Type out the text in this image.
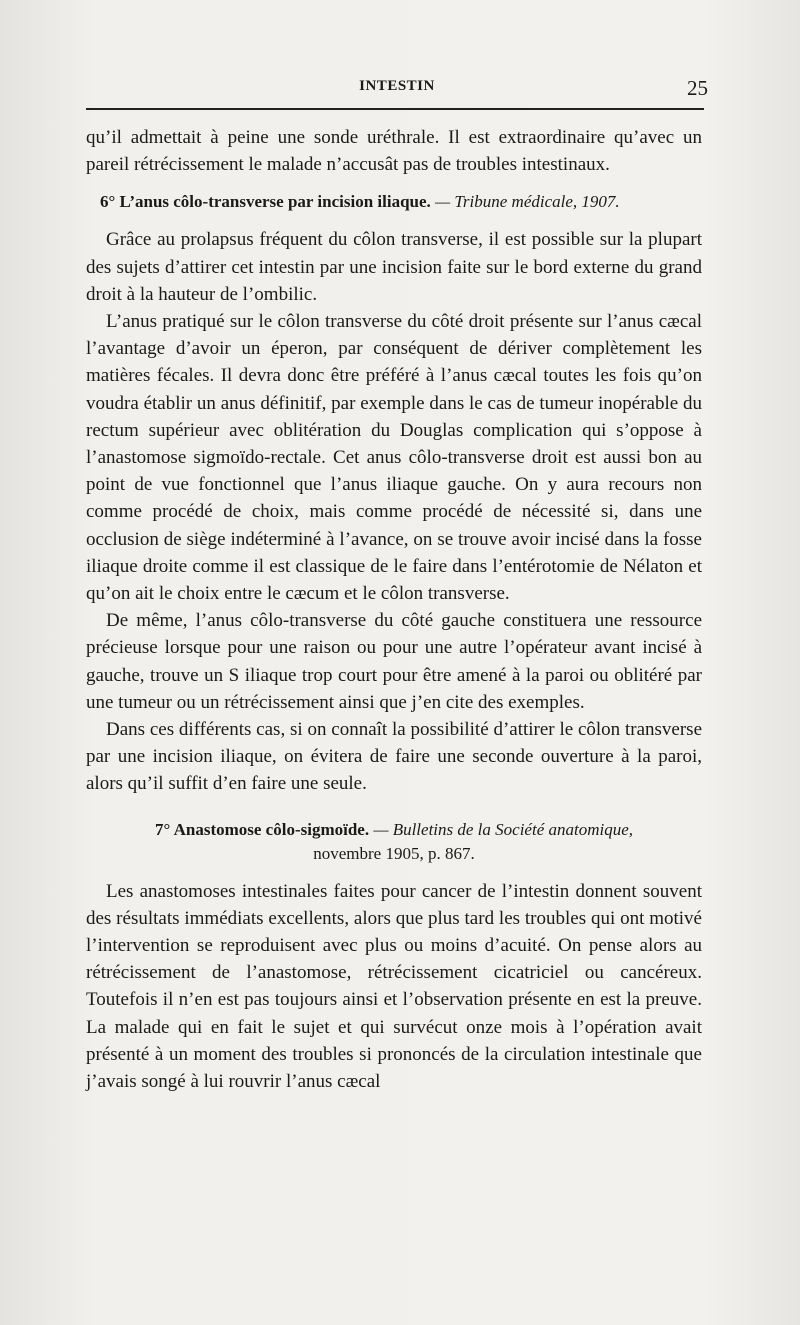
INTESTIN	25

qu’il admettait à peine une sonde uréthrale. Il est extraordinaire qu’avec un pareil rétrécissement le malade n’accusât pas de troubles intestinaux.

6° L’anus côlo-transverse par incision iliaque. — Tribune médicale, 1907.

Grâce au prolapsus fréquent du côlon transverse, il est possible sur la plupart des sujets d’attirer cet intestin par une incision faite sur le bord externe du grand droit à la hauteur de l’ombilic.

L’anus pratiqué sur le côlon transverse du côté droit présente sur l’anus cæcal l’avantage d’avoir un éperon, par conséquent de dériver complètement les matières fécales. Il devra donc être préféré à l’anus cæcal toutes les fois qu’on voudra établir un anus définitif, par exemple dans le cas de tumeur inopérable du rectum supérieur avec oblitération du Douglas complication qui s’oppose à l’anastomose sigmoïdo-rectale. Cet anus côlo-transverse droit est aussi bon au point de vue fonctionnel que l’anus iliaque gauche. On y aura recours non comme procédé de choix, mais comme procédé de nécessité si, dans une occlusion de siège indéterminé à l’avance, on se trouve avoir incisé dans la fosse iliaque droite comme il est classique de le faire dans l’entérotomie de Nélaton et qu’on ait le choix entre le cæcum et le côlon transverse.

De même, l’anus côlo-transverse du côté gauche constituera une ressource précieuse lorsque pour une raison ou pour une autre l’opérateur avant incisé à gauche, trouve un S iliaque trop court pour être amené à la paroi ou oblitéré par une tumeur ou un rétrécissement ainsi que j’en cite des exemples.

Dans ces différents cas, si on connaît la possibilité d’attirer le côlon transverse par une incision iliaque, on évitera de faire une seconde ouverture à la paroi, alors qu’il suffit d’en faire une seule.

7° Anastomose côlo-sigmoïde. — Bulletins de la Société anatomique,
novembre 1905, p. 867.

Les anastomoses intestinales faites pour cancer de l’intestin donnent souvent des résultats immédiats excellents, alors que plus tard les troubles qui ont motivé l’intervention se reproduisent avec plus ou moins d’acuité. On pense alors au rétrécissement de l’anastomose, rétrécissement cicatriciel ou cancéreux. Toutefois il n’en est pas toujours ainsi et l’observation présente en est la preuve. La malade qui en fait le sujet et qui survécut onze mois à l’opération avait présenté à un moment des troubles si prononcés de la circulation intestinale que j’avais songé à lui rouvrir l’anus cæcal
